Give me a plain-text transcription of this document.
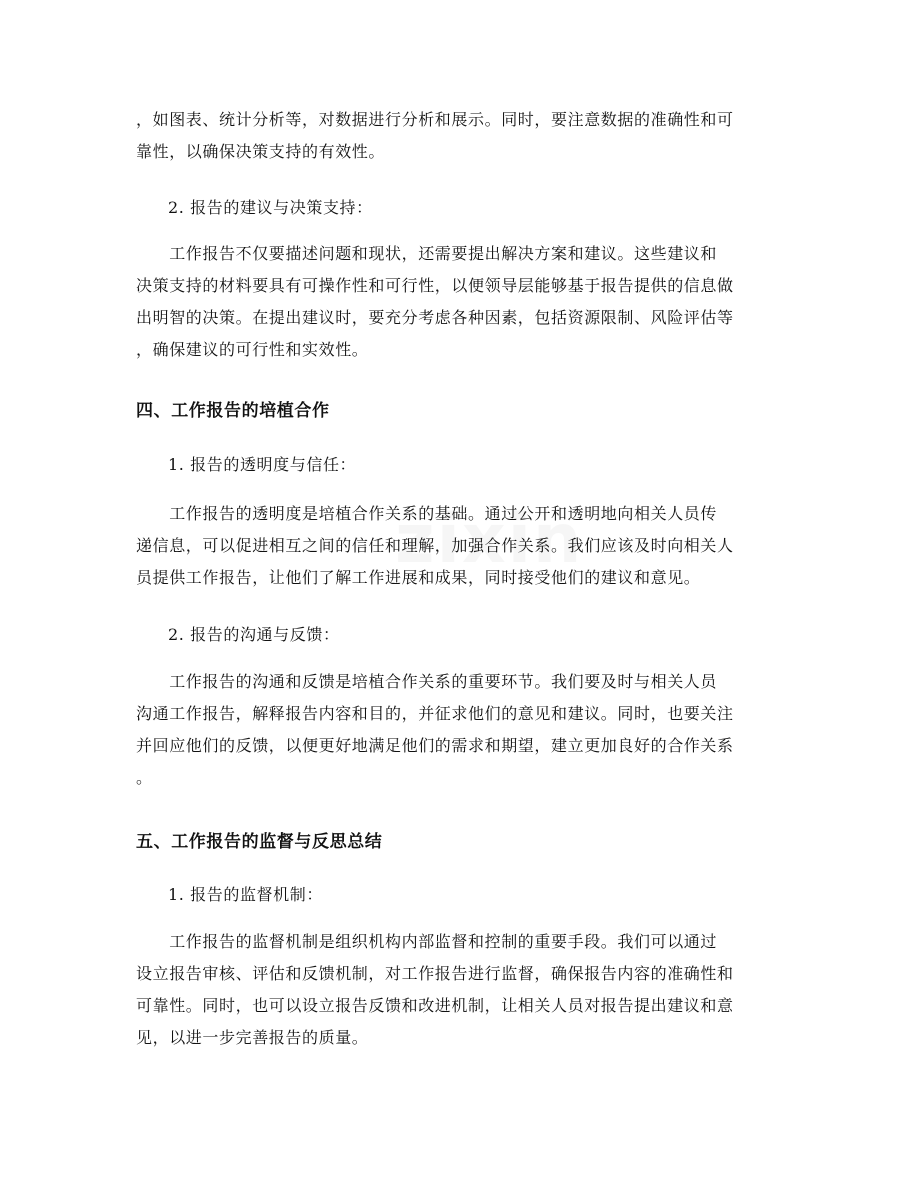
，如图表、统计分析等，对数据进行分析和展示。同时，要注意数据的准确性和可
靠性，以确保决策支持的有效性。

2. 报告的建议与决策支持：

　　工作报告不仅要描述问题和现状，还需要提出解决方案和建议。这些建议和
决策支持的材料要具有可操作性和可行性，以便领导层能够基于报告提供的信息做
出明智的决策。在提出建议时，要充分考虑各种因素，包括资源限制、风险评估等
，确保建议的可行性和实效性。

四、工作报告的培植合作

1. 报告的透明度与信任：

　　工作报告的透明度是培植合作关系的基础。通过公开和透明地向相关人员传
递信息，可以促进相互之间的信任和理解，加强合作关系。我们应该及时向相关人
员提供工作报告，让他们了解工作进展和成果，同时接受他们的建议和意见。

2. 报告的沟通与反馈：

　　工作报告的沟通和反馈是培植合作关系的重要环节。我们要及时与相关人员
沟通工作报告，解释报告内容和目的，并征求他们的意见和建议。同时，也要关注
并回应他们的反馈，以便更好地满足他们的需求和期望，建立更加良好的合作关系
。

五、工作报告的监督与反思总结

1. 报告的监督机制：

　　工作报告的监督机制是组织机构内部监督和控制的重要手段。我们可以通过
设立报告审核、评估和反馈机制，对工作报告进行监督，确保报告内容的准确性和
可靠性。同时，也可以设立报告反馈和改进机制，让相关人员对报告提出建议和意
见，以进一步完善报告的质量。
